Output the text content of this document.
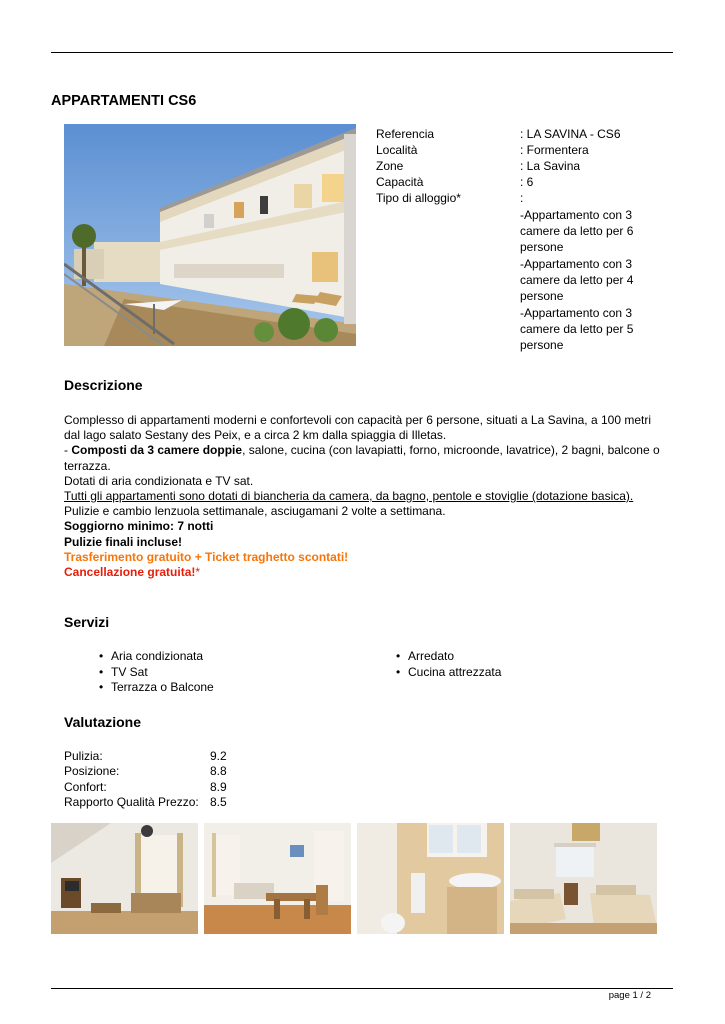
APPARTAMENTI CS6
Referencia	: LA SAVINA - CS6
Località	: Formentera
Zone	: La Savina
Capacità	: 6
Tipo di alloggio*	:
-Appartamento con 3 camere da letto per 6 persone
-Appartamento con 3 camere da letto per 4 persone
-Appartamento con 3 camere da letto per 5 persone
Descrizione

Complesso di appartamenti moderni e confortevoli con capacità per 6 persone, situati a La Savina, a 100 metri dal lago salato Sestany des Peix, e a circa 2 km dalla spiaggia di Illetas.

- Composti da 3 camere doppie, salone, cucina (con lavapiatti, forno, microonde, lavatrice), 2 bagni, balcone o terrazza.

Dotati di aria condizionata e TV sat.

Tutti gli appartamenti sono dotati di biancheria da camera, da bagno, pentole e stoviglie (dotazione basica).

Pulizie e cambio lenzuola settimanale, asciugamani 2 volte a settimana.

Soggiorno minimo: 7 notti

Pulizie finali incluse!

Trasferimento gratuito + Ticket traghetto scontati!

Cancellazione gratuita!*

Servizi
• Aria condizionata
• TV Sat
• Terrazza o Balcone
• Arredato
• Cucina attrezzata
Valutazione
Pulizia:	9.2
Posizione:	8.8
Confort:	8.9
Rapporto Qualità Prezzo: 8.5
page 1 / 2
